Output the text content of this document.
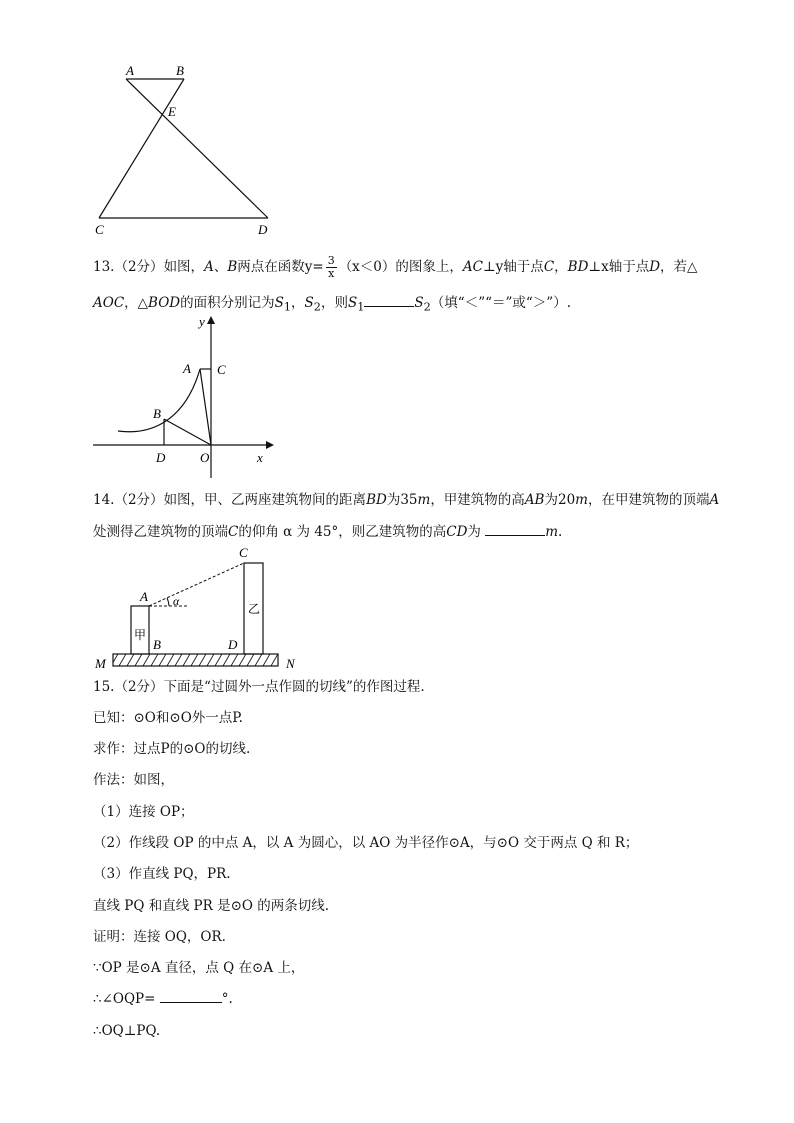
A	B
E
C	D
13.（2分）如图，A、B两点在函数$y= \frac{3}{x} (x<0)$的图象上，AC⊥y轴于点C，BD⊥x轴于点D，若△
AOC，△BOD的面积分别记为$S_1$，$S_2$，则$S_1$	$S_2$（填“＜”“＝”或“＞”）.
y
A C
B
D	O	x
14.（2分）如图，甲、乙两座建筑物间的距离BD为35m，甲建筑物的高AB为20m，在甲建筑物的顶端A
处测得乙建筑物的顶端C的仰角 α 为 45°，则乙建筑物的高CD为	m.
C
A α
甲
乙
B	D
M	N
15.（2分）下面是“过圆外一点作圆的切线”的作图过程.
已知：⊙O和⊙O外一点P.
求作：过点P的⊙O的切线.
作法：如图，
（1）连接 OP；
（2）作线段 OP 的中点 A，以 A 为圆心，以 AO 为半径作⊙A，与⊙O 交于两点 Q 和 R；
（3）作直线 PQ，PR.
直线 PQ 和直线 PR 是⊙O 的两条切线.
证明：连接 OQ，OR.
∵OP 是⊙A 直径，点 Q 在⊙A 上，
∴∠OQP=	°.
∴OQ⊥PQ.
